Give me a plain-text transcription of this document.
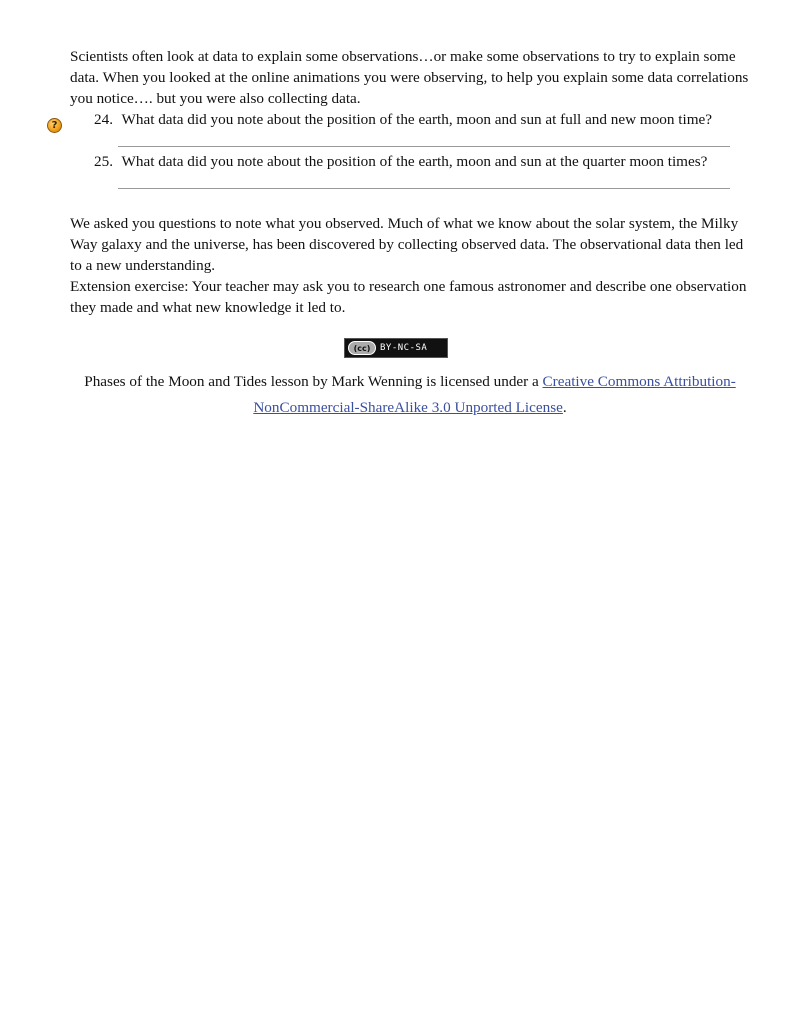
Scientists often look at data to explain some observations…or make some observations to try to explain some data. When you looked at the online animations you were observing, to help you explain some data correlations you notice…. but you were also collecting data.

?	24. What data did you note about the position of the earth, moon and sun at full and new moon time?
25. What data did you note about the position of the earth, moon and sun at the quarter moon times?
We asked you questions to note what you observed. Much of what we know about the solar system, the Milky Way galaxy and the universe, has been discovered by collecting observed data. The observational data then led to a new understanding.
Extension exercise: Your teacher may ask you to research one famous astronomer and describe one observation they made and what new knowledge it led to.
(cc)	BY-NC-SA
Phases of the Moon and Tides lesson by Mark Wenning is licensed under a Creative Commons Attribution-NonCommercial-ShareAlike 3.0 Unported License.
